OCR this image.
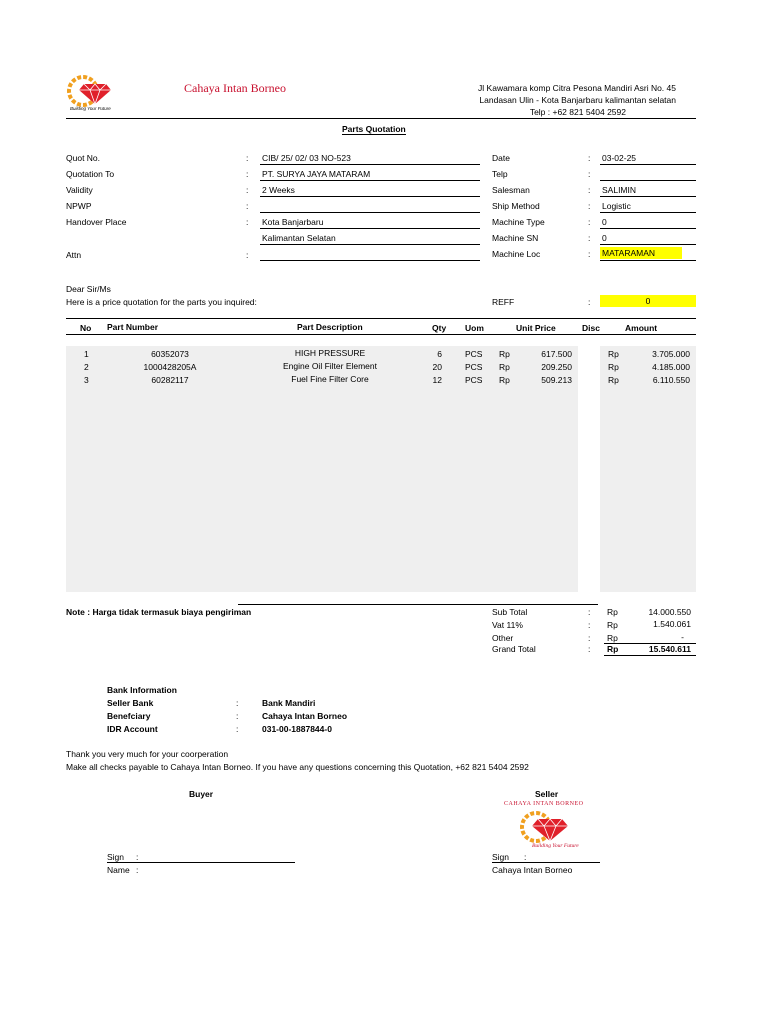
Building Your Future
Cahaya Intan Borneo	Jl Kawamara komp Citra Pesona Mandiri Asri No. 45
Landasan Ulin - Kota Banjarbaru kalimantan selatan
Telp : +62 821 5404 2592
Parts Quotation
Quot No.	: CIB/ 25/ 02/ 03 NO-523
Quotation To	: PT. SURYA JAYA MATARAM
Validity	: 2 Weeks
NPWP	:
Handover Place	: Kota Banjarbaru
Kalimantan Selatan
Attn	:
Date	: 03-02-25
Telp	:
Salesman	: SALIMIN
Ship Method	: Logistic
Machine Type	: 0
Machine SN	: 0
Machine Loc	: MATARAMAN
Dear Sir/Ms
Here is a price quotation for the parts you inquired:	REFF	:	0
No Part Number	Part Description	Qty Uom	Unit Price	Disc	Amount
1	60352073	HIGH PRESSURE	6	PCS Rp	617.500	Rp	3.705.000
2	1000428205A	Engine Oil Filter Element	20	PCS Rp	209.250	Rp	4.185.000
3	60282117	Fuel Fine Filter Core	12	PCS Rp	509.213	Rp	6.110.550
Note : Harga tidak termasuk biaya pengiriman	Sub Total	: Rp	14.000.550
Vat 11%	: Rp	1.540.061
Other	: Rp	-
Grand Total	: Rp	15.540.611
Bank Information
Seller Bank	:	Bank Mandiri
Benefciary	:	Cahaya Intan Borneo
IDR Account	:	031-00-1887844-0
Thank you very much for your coorperation
Make all checks payable to Cahaya Intan Borneo. If you have any questions concerning this Quotation, +62 821 5404 2592
Buyer	Seller
CAHAYA INTAN BORNEO
Building Your Future
Sign :
Name :
Sign :
Cahaya Intan Borneo
